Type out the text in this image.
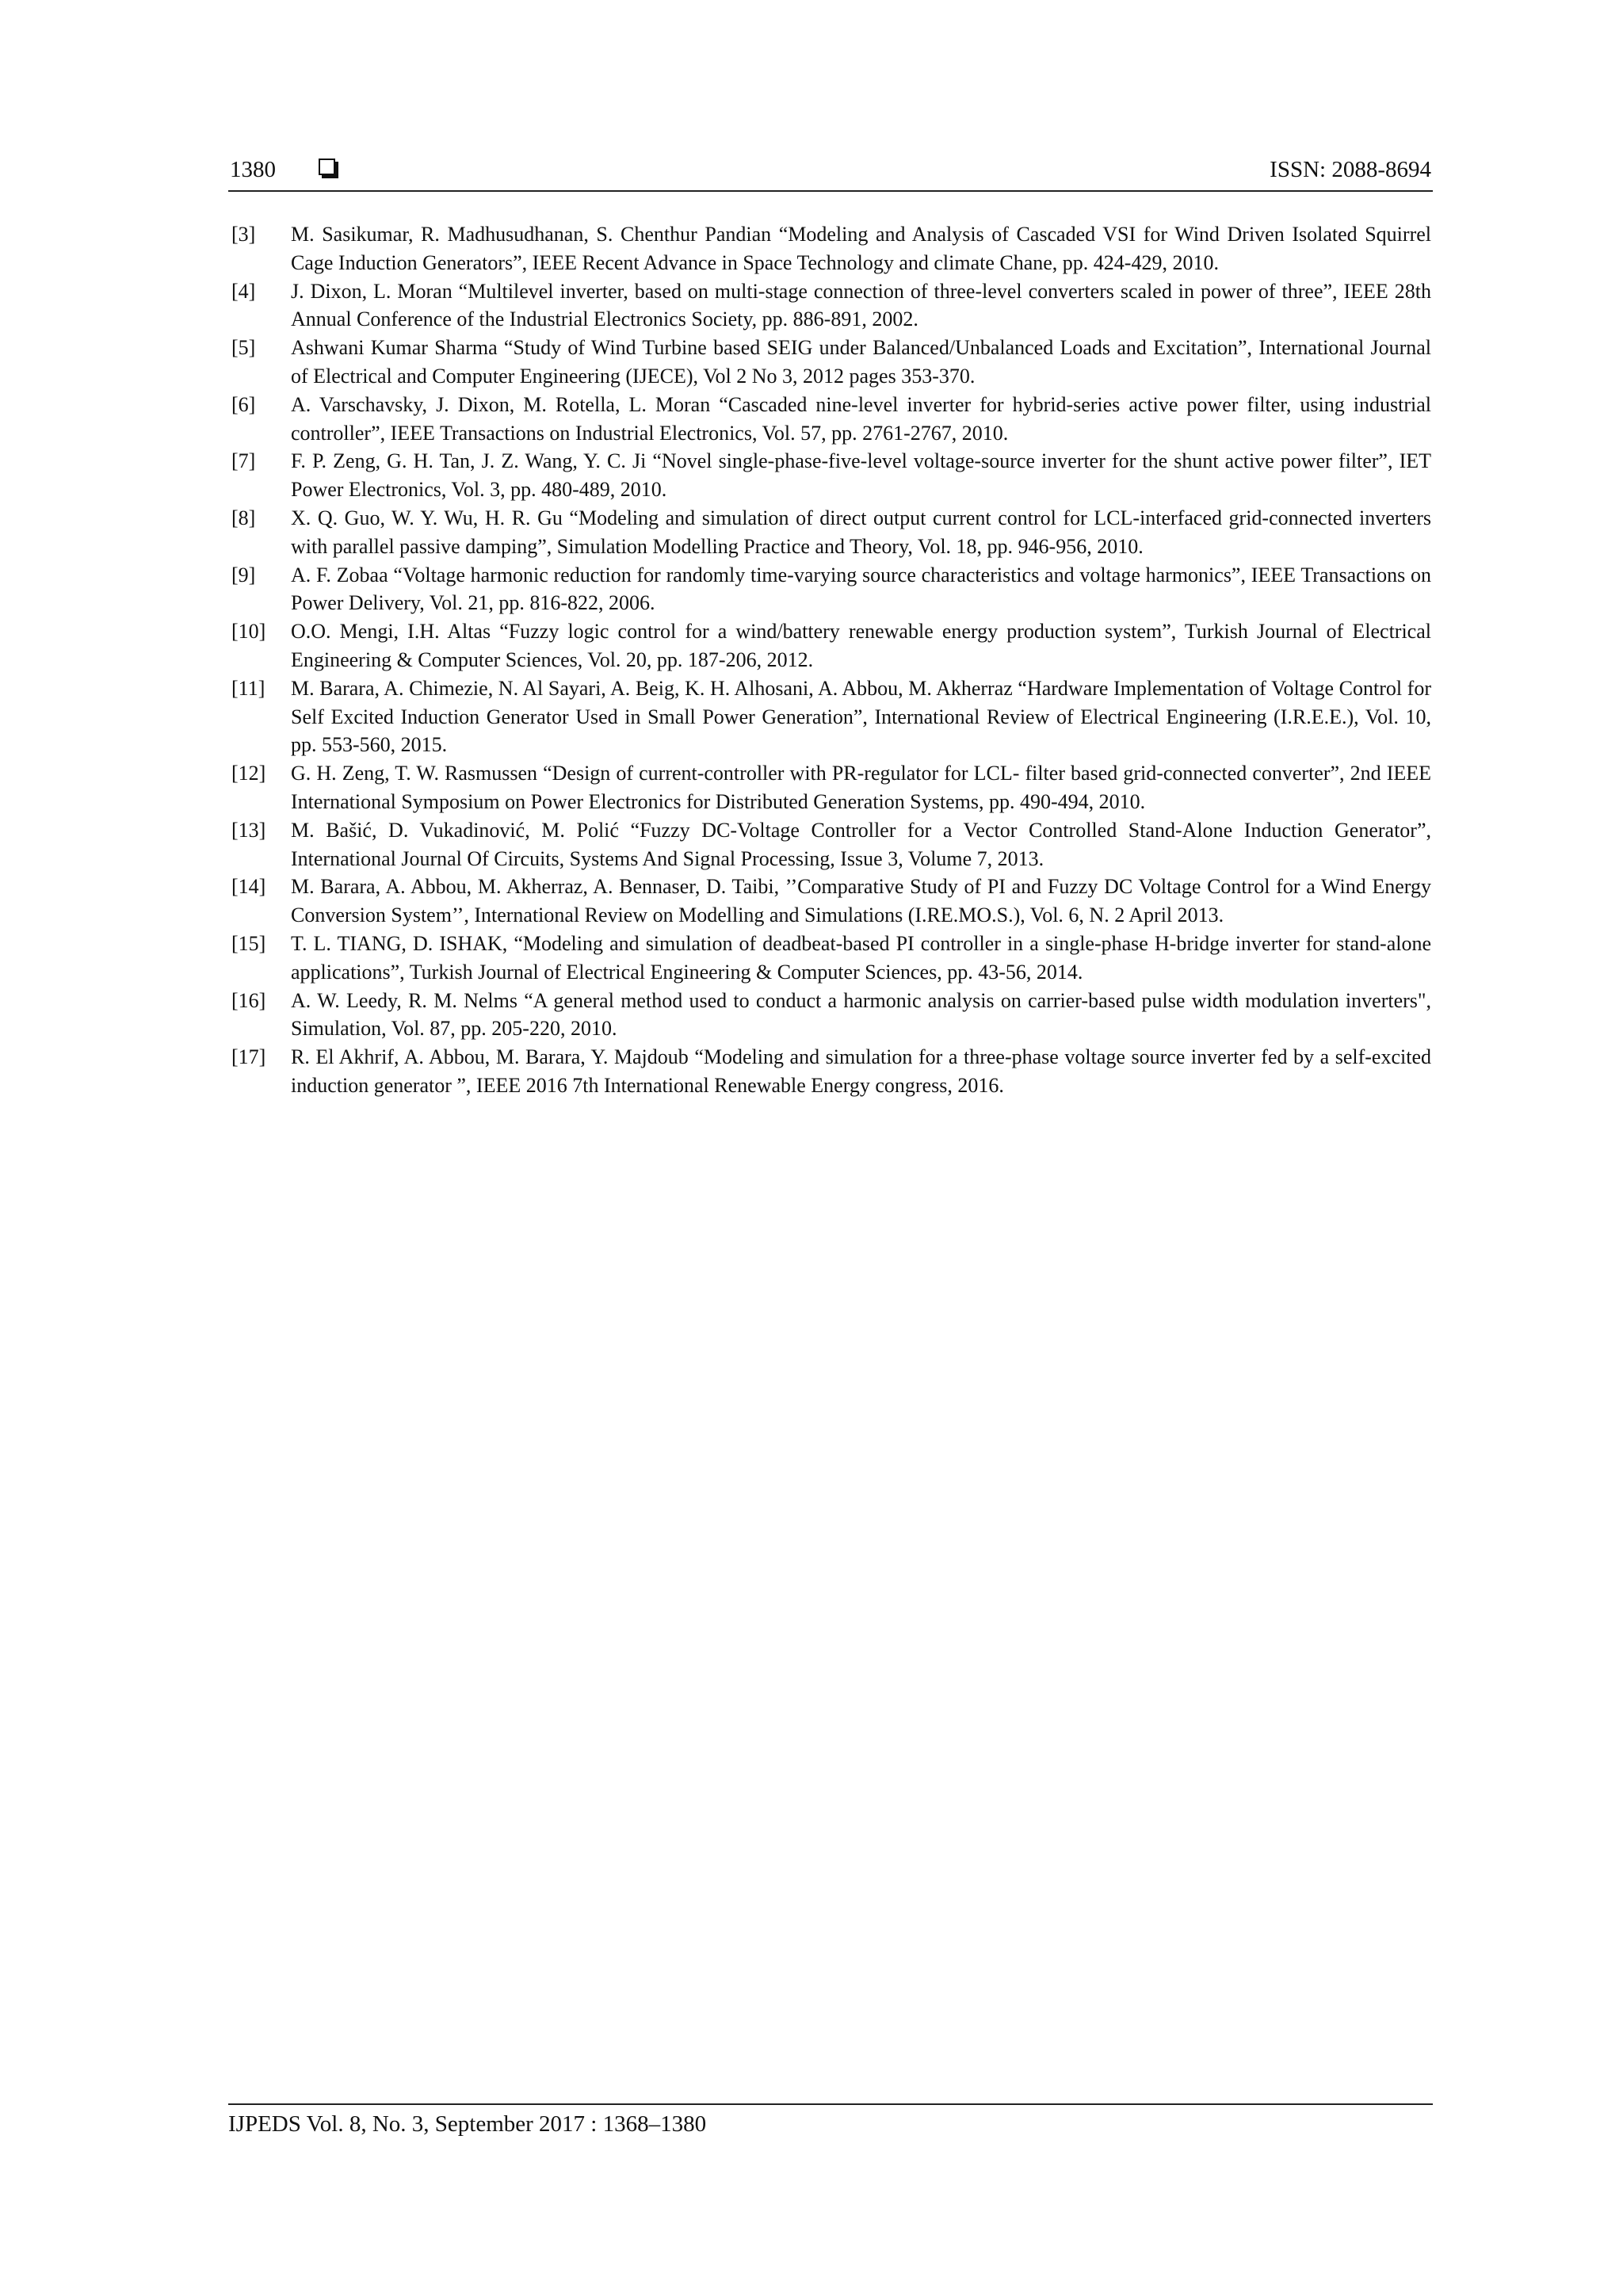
1380	ISSN: 2088-8694
[3] M. Sasikumar, R. Madhusudhanan, S. Chenthur Pandian “Modeling and Analysis of Cascaded VSI for Wind Driven Isolated Squirrel Cage Induction Generators”, IEEE Recent Advance in Space Technology and climate Chane, pp. 424-429, 2010.
[4] J. Dixon, L. Moran “Multilevel inverter, based on multi-stage connection of three-level converters scaled in power of three”, IEEE 28th Annual Conference of the Industrial Electronics Society, pp. 886-891, 2002.
[5] Ashwani Kumar Sharma “Study of Wind Turbine based SEIG under Balanced/Unbalanced Loads and Excitation”, International Journal of Electrical and Computer Engineering (IJECE), Vol 2 No 3, 2012 pages 353-370.
[6] A. Varschavsky, J. Dixon, M. Rotella, L. Moran “Cascaded nine-level inverter for hybrid-series active power filter, using industrial controller”, IEEE Transactions on Industrial Electronics, Vol. 57, pp. 2761-2767, 2010.
[7] F. P. Zeng, G. H. Tan, J. Z. Wang, Y. C. Ji “Novel single-phase-five-level voltage-source inverter for the shunt active power filter”, IET Power Electronics, Vol. 3, pp. 480-489, 2010.
[8] X. Q. Guo, W. Y. Wu, H. R. Gu “Modeling and simulation of direct output current control for LCL-interfaced grid-connected inverters with parallel passive damping”, Simulation Modelling Practice and Theory, Vol. 18, pp. 946-956, 2010.
[9] A. F. Zobaa “Voltage harmonic reduction for randomly time-varying source characteristics and voltage harmonics”, IEEE Transactions on Power Delivery, Vol. 21, pp. 816-822, 2006.
[10] O.O. Mengi, I.H. Altas “Fuzzy logic control for a wind/battery renewable energy production system”, Turkish Journal of Electrical Engineering & Computer Sciences, Vol. 20, pp. 187-206, 2012.
[11] M. Barara, A. Chimezie, N. Al Sayari, A. Beig, K. H. Alhosani, A. Abbou, M. Akherraz “Hardware Implementation of Voltage Control for Self Excited Induction Generator Used in Small Power Generation”, International Review of Electrical Engineering (I.R.E.E.), Vol. 10, pp. 553-560, 2015.
[12] G. H. Zeng, T. W. Rasmussen “Design of current-controller with PR-regulator for LCL- filter based grid-connected converter”, 2nd IEEE International Symposium on Power Electronics for Distributed Generation Systems, pp. 490-494, 2010.
[13] M. Bašić, D. Vukadinović, M. Polić “Fuzzy DC-Voltage Controller for a Vector Controlled Stand-Alone Induction Generator”, International Journal Of Circuits, Systems And Signal Processing, Issue 3, Volume 7, 2013.
[14] M. Barara, A. Abbou, M. Akherraz, A. Bennaser, D. Taibi, ’’Comparative Study of PI and Fuzzy DC Voltage Control for a Wind Energy Conversion System’’, International Review on Modelling and Simulations (I.RE.MO.S.), Vol. 6, N. 2 April 2013.
[15] T. L. TIANG, D. ISHAK, “Modeling and simulation of deadbeat-based PI controller in a single-phase H-bridge inverter for stand-alone applications”, Turkish Journal of Electrical Engineering & Computer Sciences, pp. 43-56, 2014.
[16] A. W. Leedy, R. M. Nelms “A general method used to conduct a harmonic analysis on carrier-based pulse width modulation inverters", Simulation, Vol. 87, pp. 205-220, 2010.
[17] R. El Akhrif, A. Abbou, M. Barara, Y. Majdoub “Modeling and simulation for a three-phase voltage source inverter fed by a self-excited induction generator ”, IEEE 2016 7th International Renewable Energy congress, 2016.
IJPEDS Vol. 8, No. 3, September 2017 : 1368–1380
